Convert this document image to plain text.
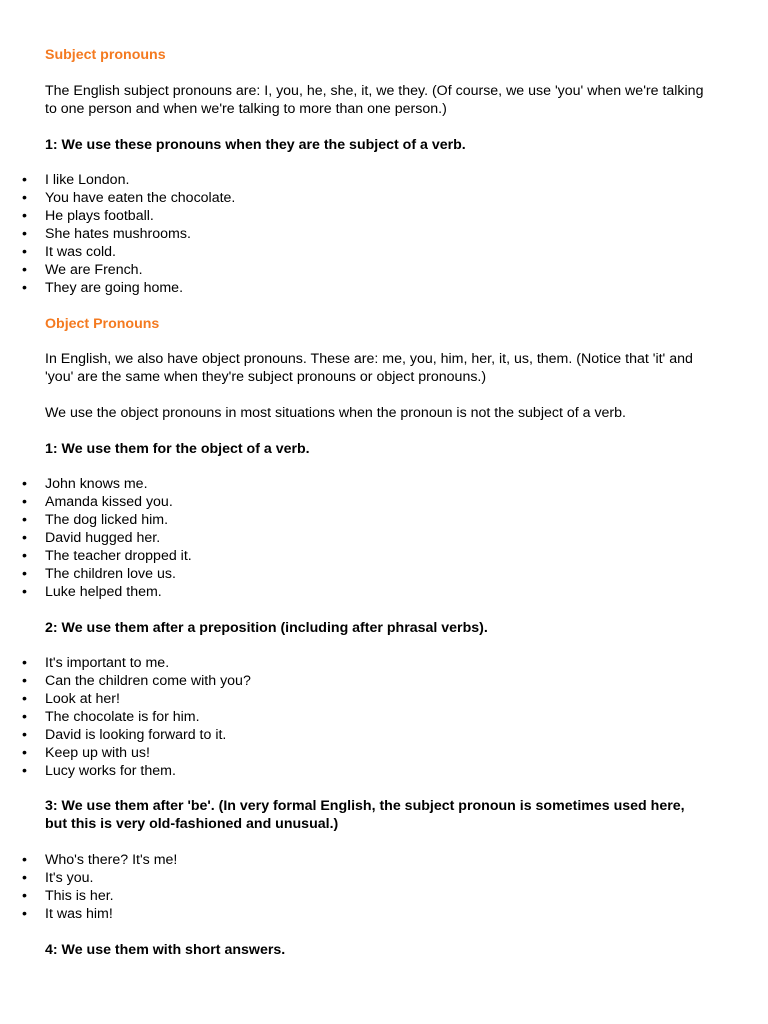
Subject pronouns

The English subject pronouns are: I, you, he, she, it, we they. (Of course, we use 'you' when we're talking to one person and when we're talking to more than one person.)

1: We use these pronouns when they are the subject of a verb.

• I like London.
• You have eaten the chocolate.
• He plays football.
• She hates mushrooms.
• It was cold.
• We are French.
• They are going home.

Object Pronouns

In English, we also have object pronouns. These are: me, you, him, her, it, us, them. (Notice that 'it' and 'you' are the same when they're subject pronouns or object pronouns.)

We use the object pronouns in most situations when the pronoun is not the subject of a verb.

1: We use them for the object of a verb.

• John knows me.
• Amanda kissed you.
• The dog licked him.
• David hugged her.
• The teacher dropped it.
• The children love us.
• Luke helped them.

2: We use them after a preposition (including after phrasal verbs).

• It's important to me.
• Can the children come with you?
• Look at her!
• The chocolate is for him.
• David is looking forward to it.
• Keep up with us!
• Lucy works for them.

3: We use them after 'be'. (In very formal English, the subject pronoun is sometimes used here, but this is very old-fashioned and unusual.)

• Who's there? It's me!
• It's you.
• This is her.
• It was him!

4: We use them with short answers.
